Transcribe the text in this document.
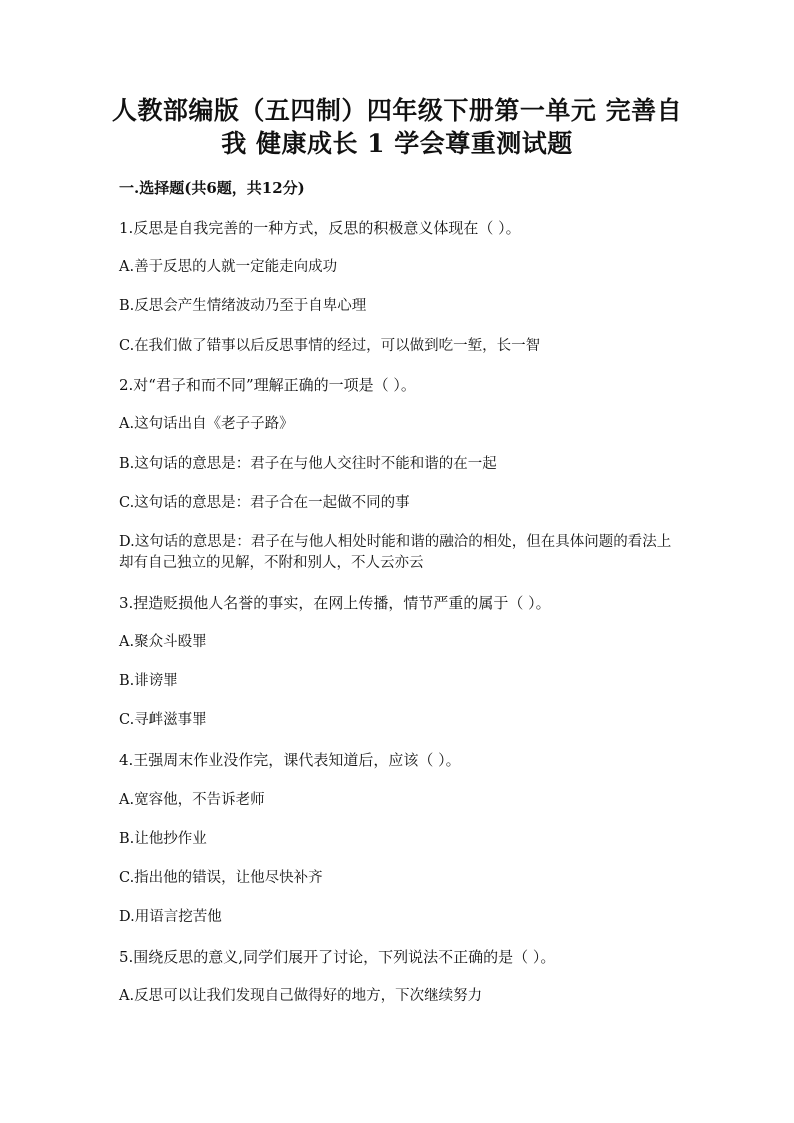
人教部编版（五四制）四年级下册第一单元 完善自
我 健康成长 1 学会尊重测试题
一.选择题(共6题，共12分)
1.反思是自我完善的一种方式，反思的积极意义体现在（ ）。
A.善于反思的人就一定能走向成功
B.反思会产生情绪波动乃至于自卑心理
C.在我们做了错事以后反思事情的经过，可以做到吃一堑，长一智
2.对“君子和而不同”理解正确的一项是（ ）。
A.这句话出自《老子子路》
B.这句话的意思是：君子在与他人交往时不能和谐的在一起
C.这句话的意思是：君子合在一起做不同的事
D.这句话的意思是：君子在与他人相处时能和谐的融洽的相处，但在具体问题的看法上却有自己独立的见解，不附和别人，不人云亦云
3.捏造贬损他人名誉的事实，在网上传播，情节严重的属于（ ）。
A.聚众斗殴罪
B.诽谤罪
C.寻衅滋事罪
4.王强周末作业没作完，课代表知道后，应该（ ）。
A.宽容他，不告诉老师
B.让他抄作业
C.指出他的错误，让他尽快补齐
D.用语言挖苦他
5.围绕反思的意义,同学们展开了讨论，下列说法不正确的是（ ）。
A.反思可以让我们发现自己做得好的地方，下次继续努力
